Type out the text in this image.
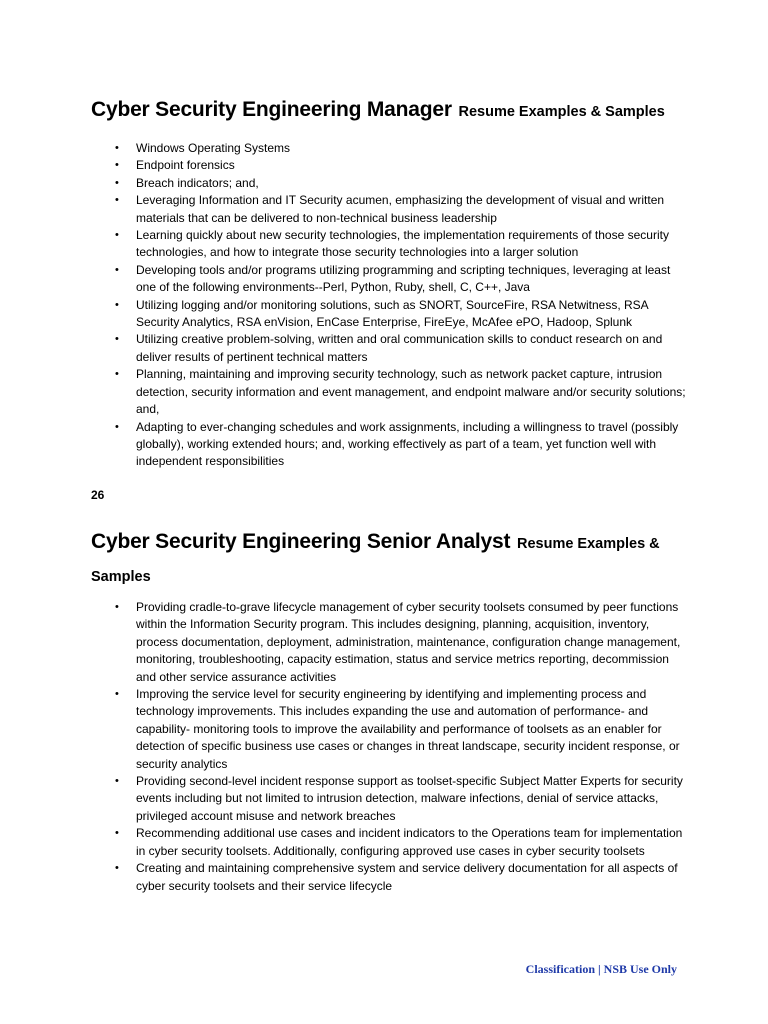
Cyber Security Engineering Manager Resume Examples & Samples
• Windows Operating Systems
• Endpoint forensics
• Breach indicators; and,
• Leveraging Information and IT Security acumen, emphasizing the development of visual and written materials that can be delivered to non-technical business leadership
• Learning quickly about new security technologies, the implementation requirements of those security technologies, and how to integrate those security technologies into a larger solution
• Developing tools and/or programs utilizing programming and scripting techniques, leveraging at least one of the following environments--Perl, Python, Ruby, shell, C, C++, Java
• Utilizing logging and/or monitoring solutions, such as SNORT, SourceFire, RSA Netwitness, RSA Security Analytics, RSA enVision, EnCase Enterprise, FireEye, McAfee ePO, Hadoop, Splunk
• Utilizing creative problem-solving, written and oral communication skills to conduct research on and deliver results of pertinent technical matters
• Planning, maintaining and improving security technology, such as network packet capture, intrusion detection, security information and event management, and endpoint malware and/or security solutions; and,
• Adapting to ever-changing schedules and work assignments, including a willingness to travel (possibly globally), working extended hours; and, working effectively as part of a team, yet function well with independent responsibilities
26
Cyber Security Engineering Senior Analyst Resume Examples & Samples
• Providing cradle-to-grave lifecycle management of cyber security toolsets consumed by peer functions within the Information Security program. This includes designing, planning, acquisition, inventory, process documentation, deployment, administration, maintenance, configuration change management, monitoring, troubleshooting, capacity estimation, status and service metrics reporting, decommission and other service assurance activities
• Improving the service level for security engineering by identifying and implementing process and technology improvements. This includes expanding the use and automation of performance- and capability- monitoring tools to improve the availability and performance of toolsets as an enabler for detection of specific business use cases or changes in threat landscape, security incident response, or security analytics
• Providing second-level incident response support as toolset-specific Subject Matter Experts for security events including but not limited to intrusion detection, malware infections, denial of service attacks, privileged account misuse and network breaches
• Recommending additional use cases and incident indicators to the Operations team for implementation in cyber security toolsets. Additionally, configuring approved use cases in cyber security toolsets
• Creating and maintaining comprehensive system and service delivery documentation for all aspects of cyber security toolsets and their service lifecycle
Classification | NSB Use Only
